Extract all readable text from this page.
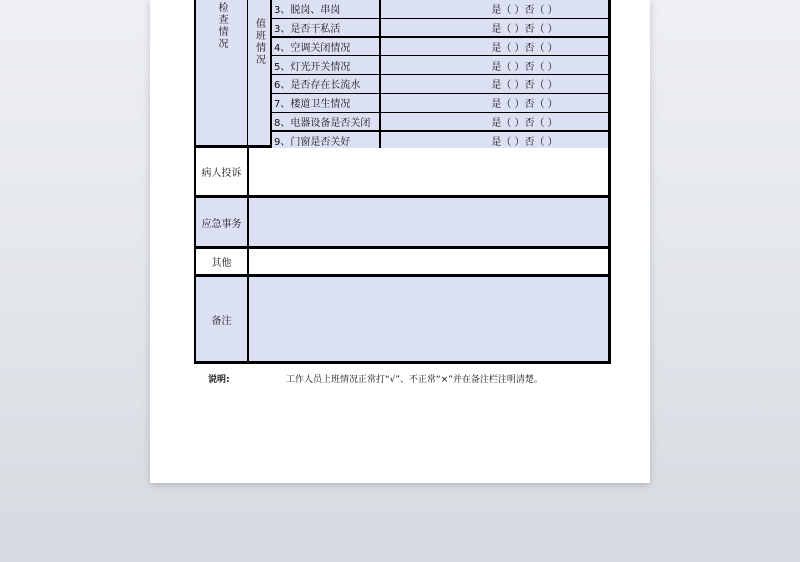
检查情况	值班情况
3、脱岗、串岗	是（ ）否（ ）
3、是否干私活	是（ ）否（ ）
4、空调关闭情况	是（ ）否（ ）
5、灯光开关情况	是（ ）否（ ）
6、是否存在长流水	是（ ）否（ ）
7、楼道卫生情况	是（ ）否（ ）
8、电器设备是否关闭	是（ ）否（ ）
9、门窗是否关好	是（ ）否（ ）
病人投诉
应急事务
其他
备注
说明:	工作人员上班情况正常打“√”、不正常“×”并在备注栏注明清楚。
